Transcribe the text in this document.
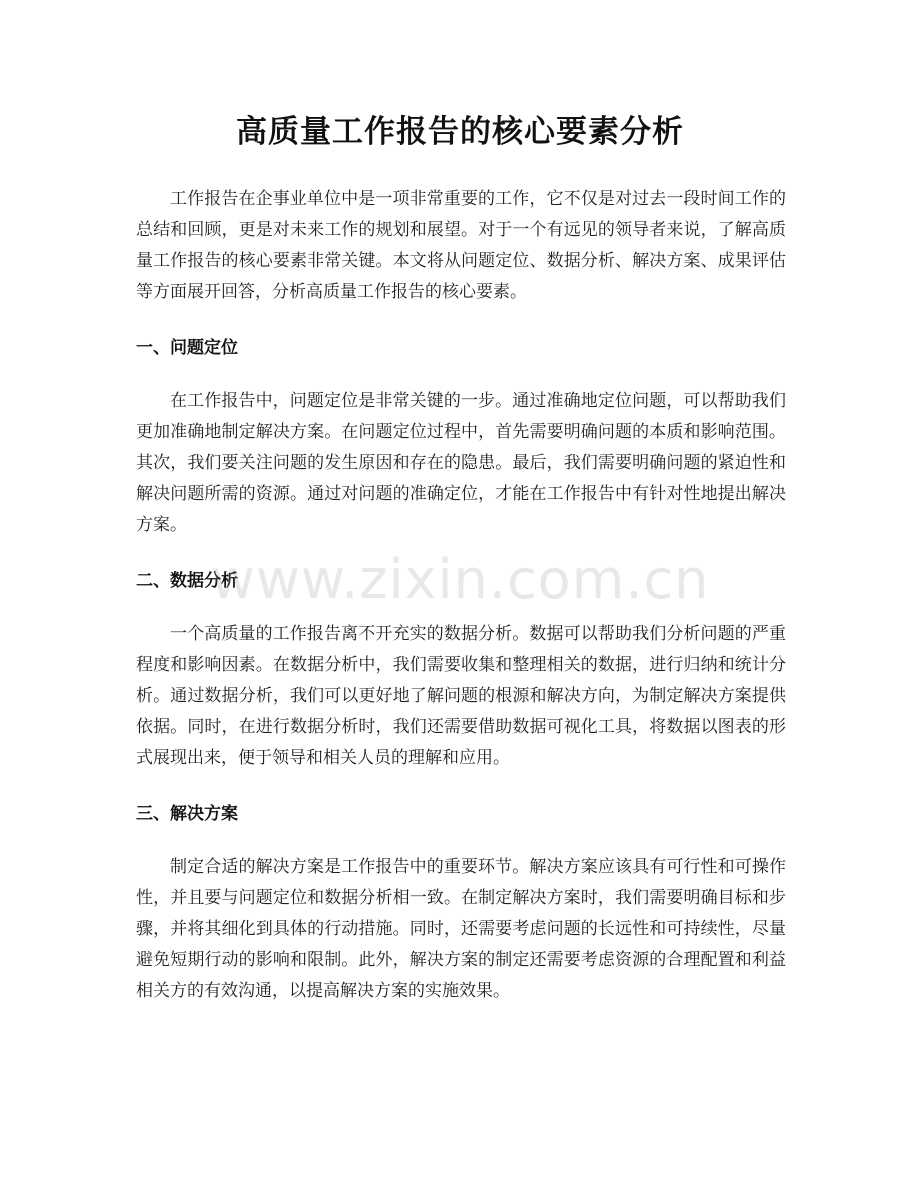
高质量工作报告的核心要素分析

工作报告在企事业单位中是一项非常重要的工作，它不仅是对过去一段时间工作的总结和回顾，更是对未来工作的规划和展望。对于一个有远见的领导者来说，了解高质量工作报告的核心要素非常关键。本文将从问题定位、数据分析、解决方案、成果评估等方面展开回答，分析高质量工作报告的核心要素。

一、问题定位

在工作报告中，问题定位是非常关键的一步。通过准确地定位问题，可以帮助我们更加准确地制定解决方案。在问题定位过程中，首先需要明确问题的本质和影响范围。其次，我们要关注问题的发生原因和存在的隐患。最后，我们需要明确问题的紧迫性和解决问题所需的资源。通过对问题的准确定位，才能在工作报告中有针对性地提出解决方案。

二、数据分析

一个高质量的工作报告离不开充实的数据分析。数据可以帮助我们分析问题的严重程度和影响因素。在数据分析中，我们需要收集和整理相关的数据，进行归纳和统计分析。通过数据分析，我们可以更好地了解问题的根源和解决方向，为制定解决方案提供依据。同时，在进行数据分析时，我们还需要借助数据可视化工具，将数据以图表的形式展现出来，便于领导和相关人员的理解和应用。

三、解决方案

制定合适的解决方案是工作报告中的重要环节。解决方案应该具有可行性和可操作性，并且要与问题定位和数据分析相一致。在制定解决方案时，我们需要明确目标和步骤，并将其细化到具体的行动措施。同时，还需要考虑问题的长远性和可持续性，尽量避免短期行动的影响和限制。此外，解决方案的制定还需要考虑资源的合理配置和利益相关方的有效沟通，以提高解决方案的实施效果。

www.zixin.com.cn
